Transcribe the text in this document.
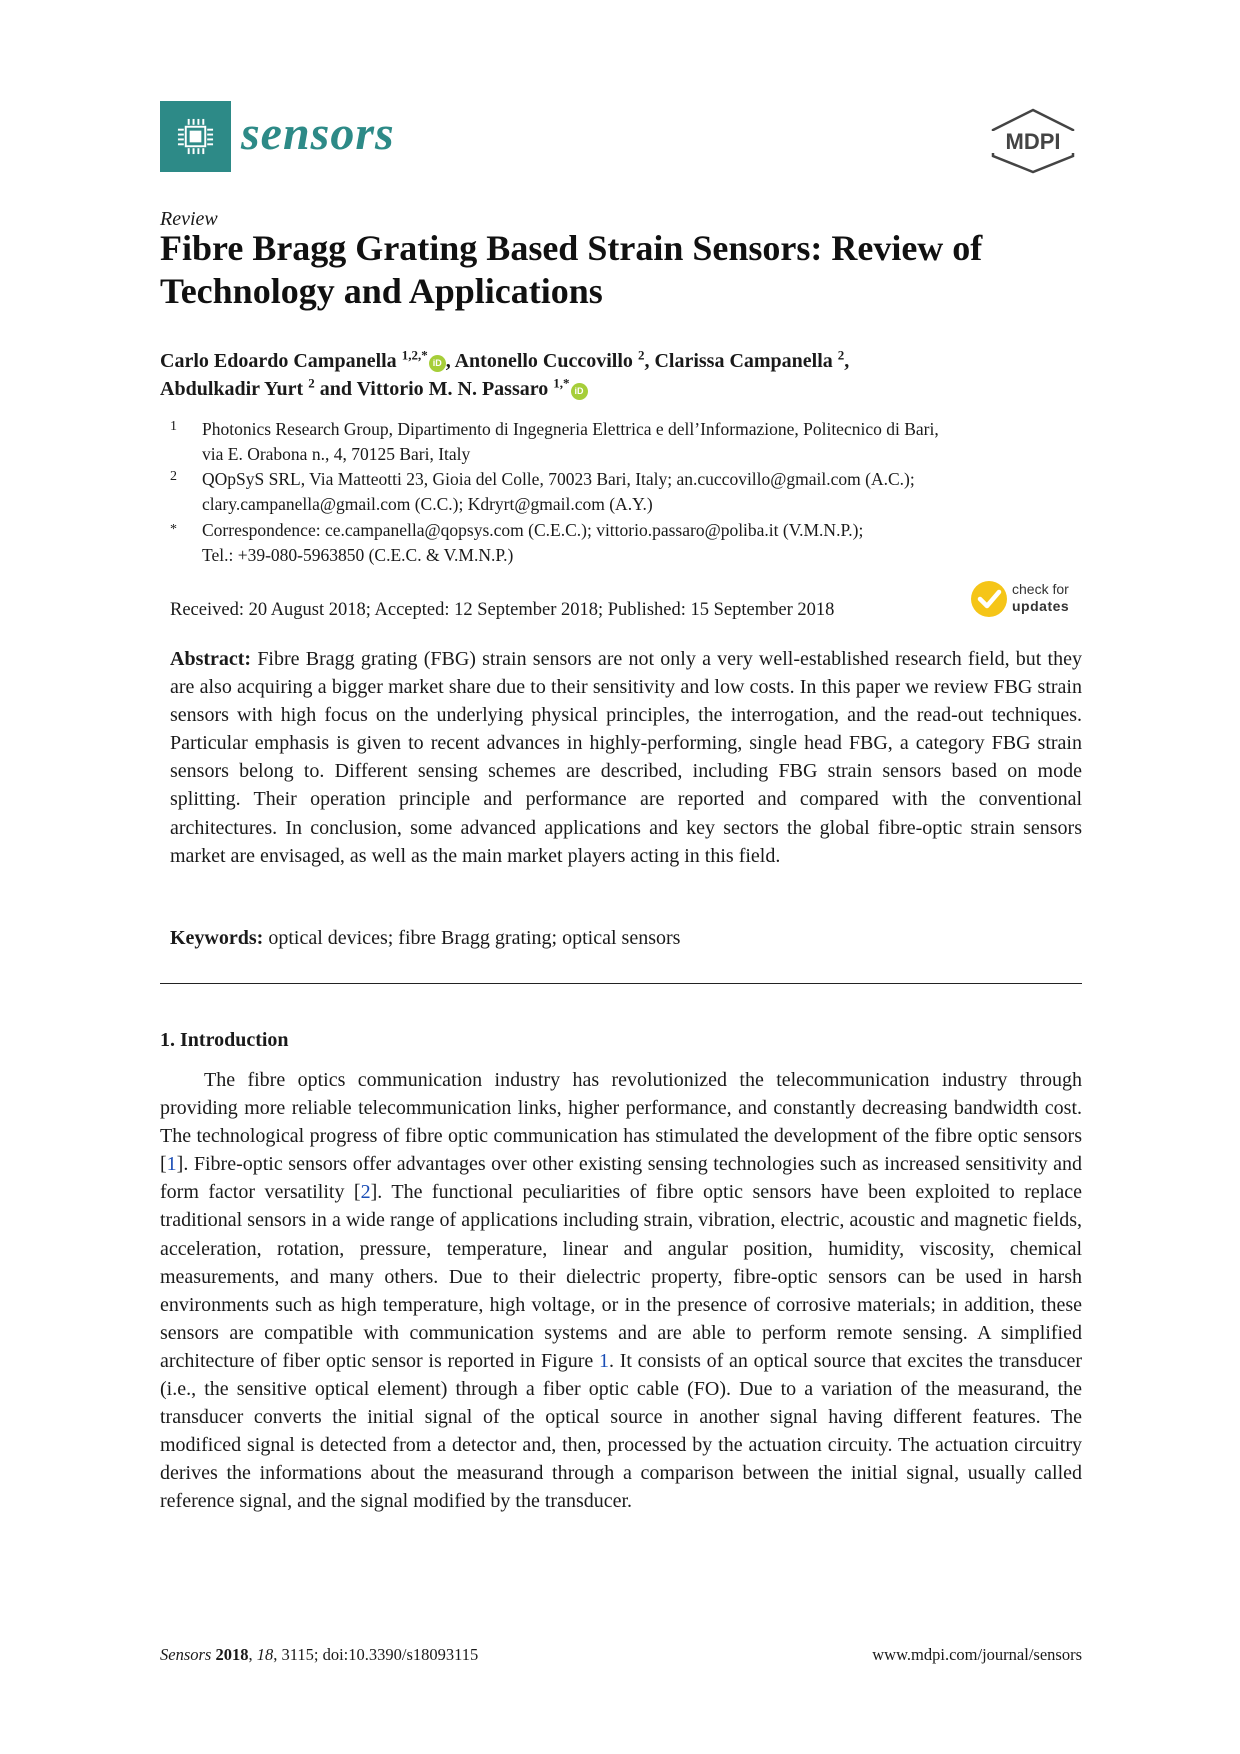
sensors	MDPI
Review
Fibre Bragg Grating Based Strain Sensors: Review of Technology and Applications
Carlo Edoardo Campanella $^{1,2,*}$iD , Antonello Cuccovillo $^2$, Clarissa Campanella $^2$,
Abdulkadir Yurt $^2$ and Vittorio M. N. Passaro $^{1,*}$iD
1 Photonics Research Group, Dipartimento di Ingegneria Elettrica e dell’Informazione, Politecnico di Bari,
via E. Orabona n., 4, 70125 Bari, Italy
2 QOpSyS SRL, Via Matteotti 23, Gioia del Colle, 70023 Bari, Italy; an.cuccovillo@gmail.com (A.C.);
clary.campanella@gmail.com (C.C.); Kdryrt@gmail.com (A.Y.)
* Correspondence: ce.campanella@qopsys.com (C.E.C.); vittorio.passaro@poliba.it (V.M.N.P.);
Tel.: +39-080-5963850 (C.E.C. & V.M.N.P.)
Received: 20 August 2018; Accepted: 12 September 2018; Published: 15 September 2018
check for
updates
Abstract: Fibre Bragg grating (FBG) strain sensors are not only a very well-established research field, but they are also acquiring a bigger market share due to their sensitivity and low costs. In this paper we review FBG strain sensors with high focus on the underlying physical principles, the interrogation, and the read-out techniques. Particular emphasis is given to recent advances in highly-performing, single head FBG, a category FBG strain sensors belong to. Different sensing schemes are described, including FBG strain sensors based on mode splitting. Their operation principle and performance are reported and compared with the conventional architectures. In conclusion, some advanced applications and key sectors the global fibre-optic strain sensors market are envisaged, as well as the main market players acting in this field.
Keywords: optical devices; fibre Bragg grating; optical sensors
1. Introduction
The fibre optics communication industry has revolutionized the telecommunication industry through providing more reliable telecommunication links, higher performance, and constantly decreasing bandwidth cost. The technological progress of fibre optic communication has stimulated the development of the fibre optic sensors [1]. Fibre-optic sensors offer advantages over other existing sensing technologies such as increased sensitivity and form factor versatility [2]. The functional peculiarities of fibre optic sensors have been exploited to replace traditional sensors in a wide range of applications including strain, vibration, electric, acoustic and magnetic fields, acceleration, rotation, pressure, temperature, linear and angular position, humidity, viscosity, chemical measurements, and many others. Due to their dielectric property, fibre-optic sensors can be used in harsh environments such as high temperature, high voltage, or in the presence of corrosive materials; in addition, these sensors are compatible with communication systems and are able to perform remote sensing. A simplified architecture of fiber optic sensor is reported in Figure 1. It consists of an optical source that excites the transducer (i.e., the sensitive optical element) through a fiber optic cable (FO). Due to a variation of the measurand, the transducer converts the initial signal of the optical source in another signal having different features. The modificed signal is detected from a detector and, then, processed by the actuation circuity. The actuation circuitry derives the informations about the measurand through a comparison between the initial signal, usually called reference signal, and the signal modified by the transducer.
Sensors 2018, 18, 3115; doi:10.3390/s18093115	www.mdpi.com/journal/sensors
